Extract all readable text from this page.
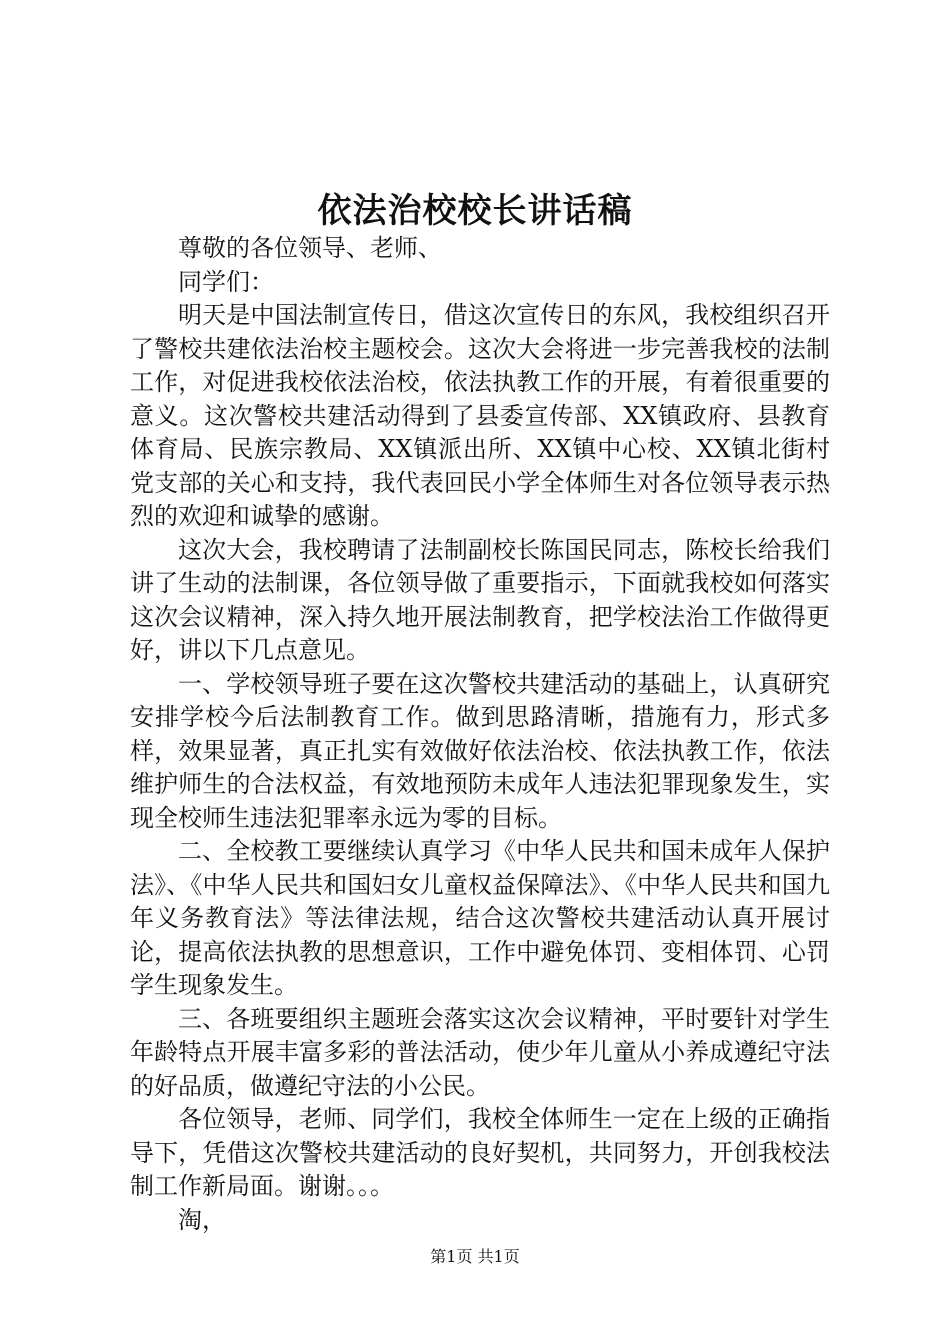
依法治校校长讲话稿

尊敬的各位领导、老师、

同学们：

明天是中国法制宣传日，借这次宣传日的东风，我校组织召开了警校共建依法治校主题校会。这次大会将进一步完善我校的法制工作，对促进我校依法治校，依法执教工作的开展，有着很重要的意义。这次警校共建活动得到了县委宣传部、XX镇政府、县教育体育局、民族宗教局、XX镇派出所、XX镇中心校、XX镇北街村党支部的关心和支持，我代表回民小学全体师生对各位领导表示热烈的欢迎和诚挚的感谢。

这次大会，我校聘请了法制副校长陈国民同志，陈校长给我们讲了生动的法制课，各位领导做了重要指示，下面就我校如何落实这次会议精神，深入持久地开展法制教育，把学校法治工作做得更好，讲以下几点意见。

一、学校领导班子要在这次警校共建活动的基础上，认真研究安排学校今后法制教育工作。做到思路清晰，措施有力，形式多样，效果显著，真正扎实有效做好依法治校、依法执教工作，依法维护师生的合法权益，有效地预防未成年人违法犯罪现象发生，实现全校师生违法犯罪率永远为零的目标。

二、全校教工要继续认真学习《中华人民共和国未成年人保护法》、《中华人民共和国妇女儿童权益保障法》、《中华人民共和国九年义务教育法》等法律法规，结合这次警校共建活动认真开展讨论，提高依法执教的思想意识，工作中避免体罚、变相体罚、心罚学生现象发生。

三、各班要组织主题班会落实这次会议精神，平时要针对学生年龄特点开展丰富多彩的普法活动，使少年儿童从小养成遵纪守法的好品质，做遵纪守法的小公民。

各位领导，老师、同学们，我校全体师生一定在上级的正确指导下，凭借这次警校共建活动的良好契机，共同努力，开创我校法制工作新局面。谢谢。。。

淘，

第1页 共1页
